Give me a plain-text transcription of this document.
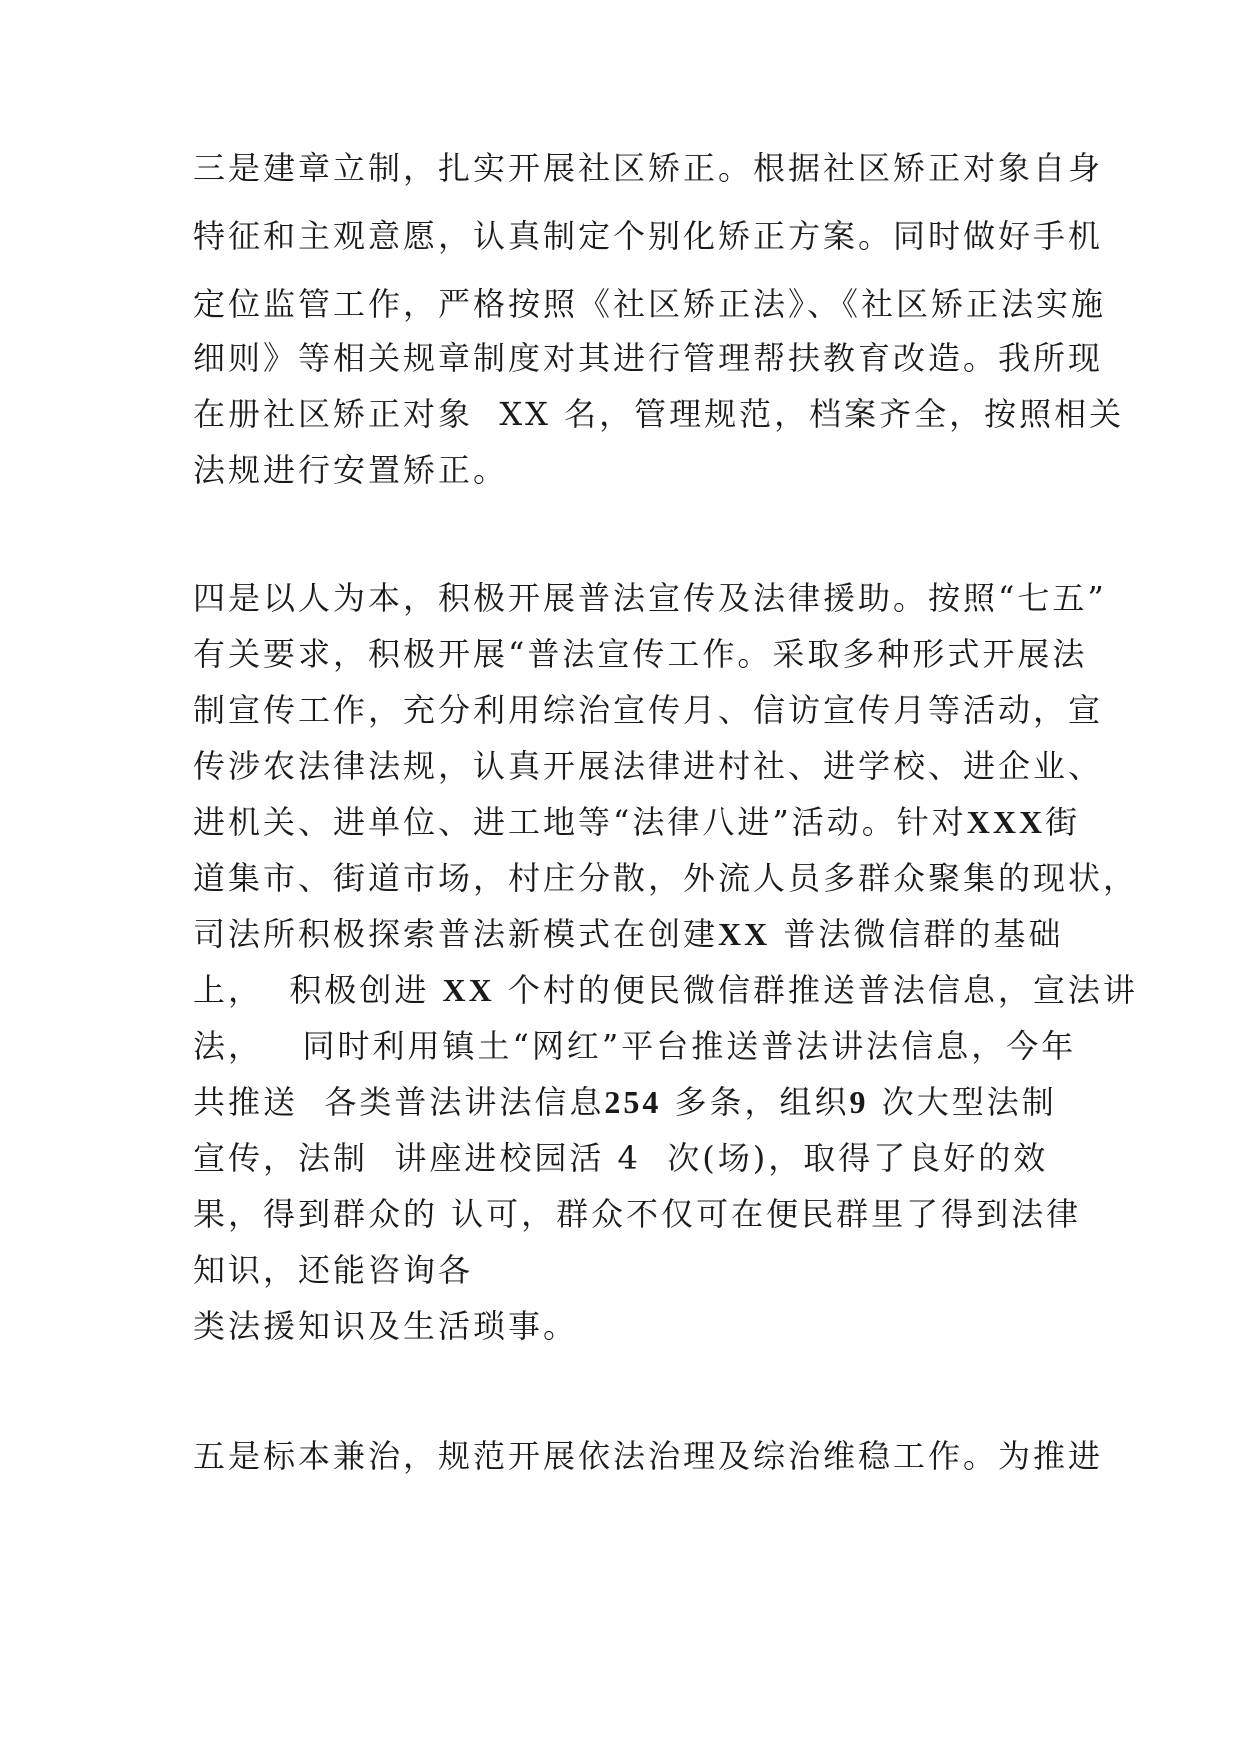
三是建章立制，扎实开展社区矫正。根据社区矫正对象自身
特征和主观意愿，认真制定个别化矫正方案。同时做好手机
定位监管工作，严格按照《社区矫正法》、《社区矫正法实施
细则》等相关规章制度对其进行管理帮扶教育改造。我所现
在册社区矫正对象 XX 名，管理规范，档案齐全，按照相关
法规进行安置矫正。
四是以人为本，积极开展普法宣传及法律援助。按照“七五”
有关要求，积极开展“普法宣传工作。采取多种形式开展法
制宣传工作，充分利用综治宣传月、信访宣传月等活动，宣
传涉农法律法规，认真开展法律进村社、进学校、进企业、
进机关、进单位、进工地等“法律八进”活动。针对XXX街
道集市、街道市场，村庄分散，外流人员多群众聚集的现状，
司法所积极探索普法新模式在创建XX 普法微信群的基础
上，  积极创进 XX 个村的便民微信群推送普法信息，宣法讲
法，   同时利用镇土“网红”平台推送普法讲法信息，今年
共推送  各类普法讲法信息254 多条，组织9 次大型法制
宣传，法制  讲座进校园活 4  次(场)，取得了良好的效
果，得到群众的 认可，群众不仅可在便民群里了得到法律
知识，还能咨询各
类法援知识及生活琐事。
五是标本兼治，规范开展依法治理及综治维稳工作。为推进
